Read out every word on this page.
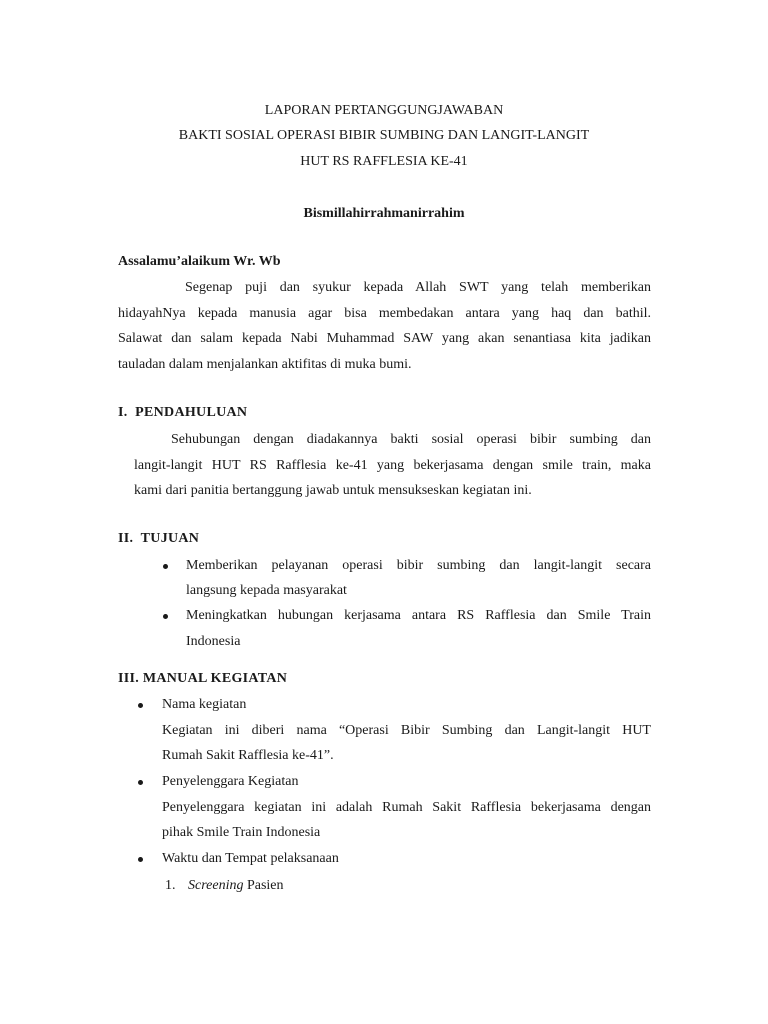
LAPORAN PERTANGGUNGJAWABAN
BAKTI SOSIAL OPERASI BIBIR SUMBING DAN LANGIT-LANGIT
HUT RS RAFFLESIA KE-41
Bismillahirrahmanirrahim
Assalamu’alaikum Wr. Wb
Segenap puji dan syukur kepada Allah SWT yang telah memberikan
hidayahNya kepada manusia agar bisa membedakan antara yang haq dan bathil.
Salawat dan salam kepada Nabi Muhammad SAW yang akan senantiasa kita jadikan
tauladan dalam menjalankan aktifitas di muka bumi.
I.  PENDAHULUAN
Sehubungan dengan diadakannya bakti sosial operasi bibir sumbing dan
langit-langit HUT RS Rafflesia ke-41 yang bekerjasama dengan smile train, maka
kami dari panitia bertanggung jawab untuk mensukseskan kegiatan ini.
II.  TUJUAN
Memberikan pelayanan operasi bibir sumbing dan langit-langit secara
langsung kepada masyarakat
Meningkatkan hubungan kerjasama antara RS Rafflesia dan Smile Train
Indonesia
III. MANUAL KEGIATAN
Nama kegiatan
Kegiatan ini diberi nama “Operasi Bibir Sumbing dan Langit-langit HUT
Rumah Sakit Rafflesia ke-41”.
Penyelenggara Kegiatan
Penyelenggara kegiatan ini adalah Rumah Sakit Rafflesia bekerjasama dengan
pihak Smile Train Indonesia
Waktu dan Tempat pelaksanaan
1. Screening Pasien
